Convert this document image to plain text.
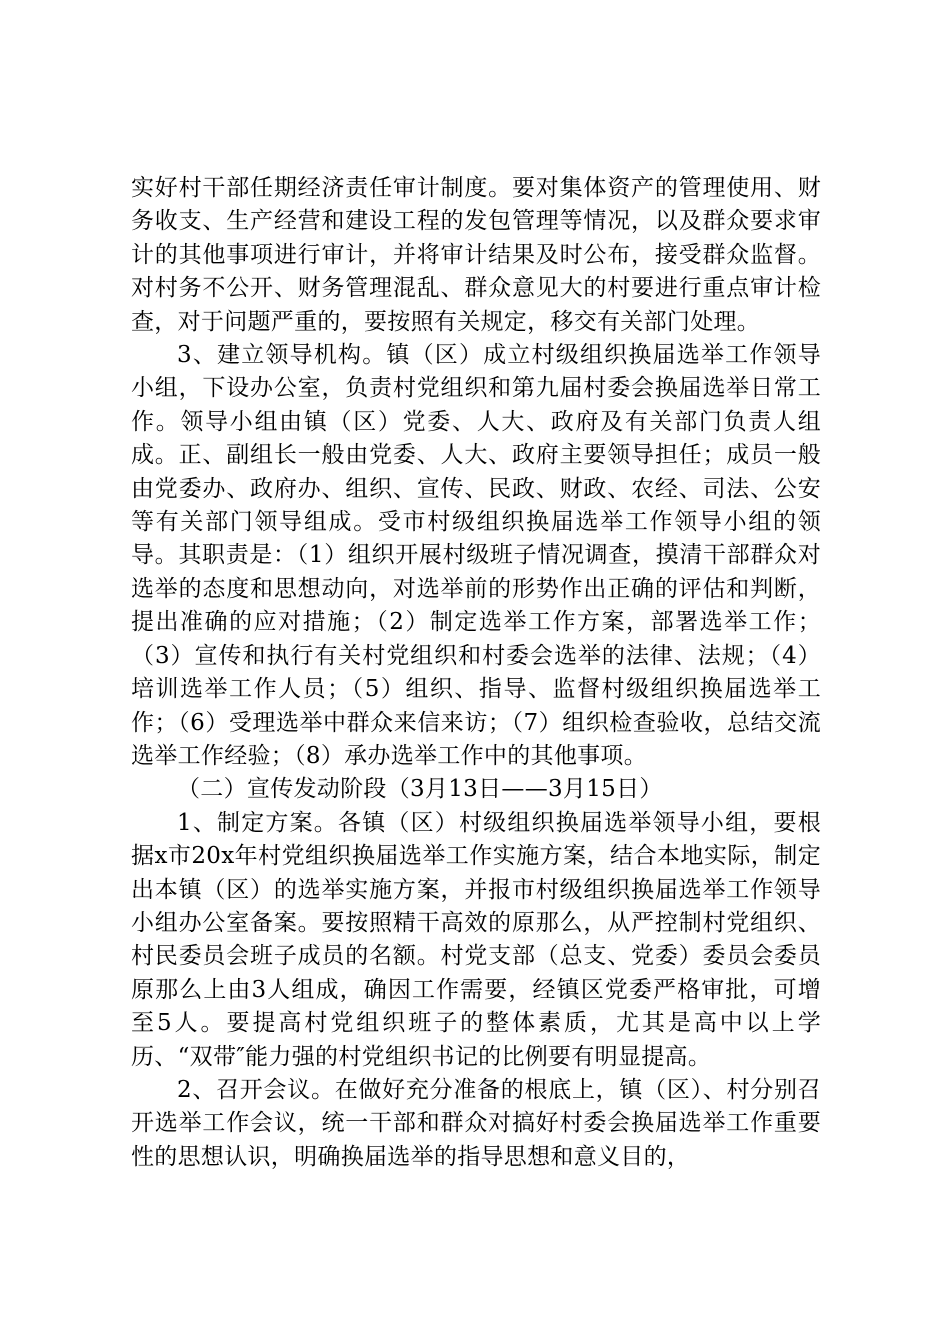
实好村干部任期经济责任审计制度。要对集体资产的管理使用、财务收支、生产经营和建设工程的发包管理等情况，以及群众要求审计的其他事项进行审计，并将审计结果及时公布，接受群众监督。对村务不公开、财务管理混乱、群众意见大的村要进行重点审计检查，对于问题严重的，要按照有关规定，移交有关部门处理。

3、建立领导机构。镇（区）成立村级组织换届选举工作领导小组，下设办公室，负责村党组织和第九届村委会换届选举日常工作。领导小组由镇（区）党委、人大、政府及有关部门负责人组成。正、副组长一般由党委、人大、政府主要领导担任；成员一般由党委办、政府办、组织、宣传、民政、财政、农经、司法、公安等有关部门领导组成。受市村级组织换届选举工作领导小组的领导。其职责是：（1）组织开展村级班子情况调查，摸清干部群众对选举的态度和思想动向，对选举前的形势作出正确的评估和判断，提出准确的应对措施；（2）制定选举工作方案，部署选举工作；（3）宣传和执行有关村党组织和村委会选举的法律、法规；（4）培训选举工作人员；（5）组织、指导、监督村级组织换届选举工作；（6）受理选举中群众来信来访；（7）组织检查验收，总结交流选举工作经验；（8）承办选举工作中的其他事项。

（二）宣传发动阶段（3月13日——3月15日）

1、制定方案。各镇（区）村级组织换届选举领导小组，要根据x市20x年村党组织换届选举工作实施方案，结合本地实际，制定出本镇（区）的选举实施方案，并报市村级组织换届选举工作领导小组办公室备案。要按照精干高效的原那么，从严控制村党组织、村民委员会班子成员的名额。村党支部（总支、党委）委员会委员原那么上由3人组成，确因工作需要，经镇区党委严格审批，可增至5人。要提高村党组织班子的整体素质，尤其是高中以上学历、“双带″能力强的村党组织书记的比例要有明显提高。

2、召开会议。在做好充分准备的根底上，镇（区）、村分别召开选举工作会议，统一干部和群众对搞好村委会换届选举工作重要性的思想认识，明确换届选举的指导思想和意义目的，
